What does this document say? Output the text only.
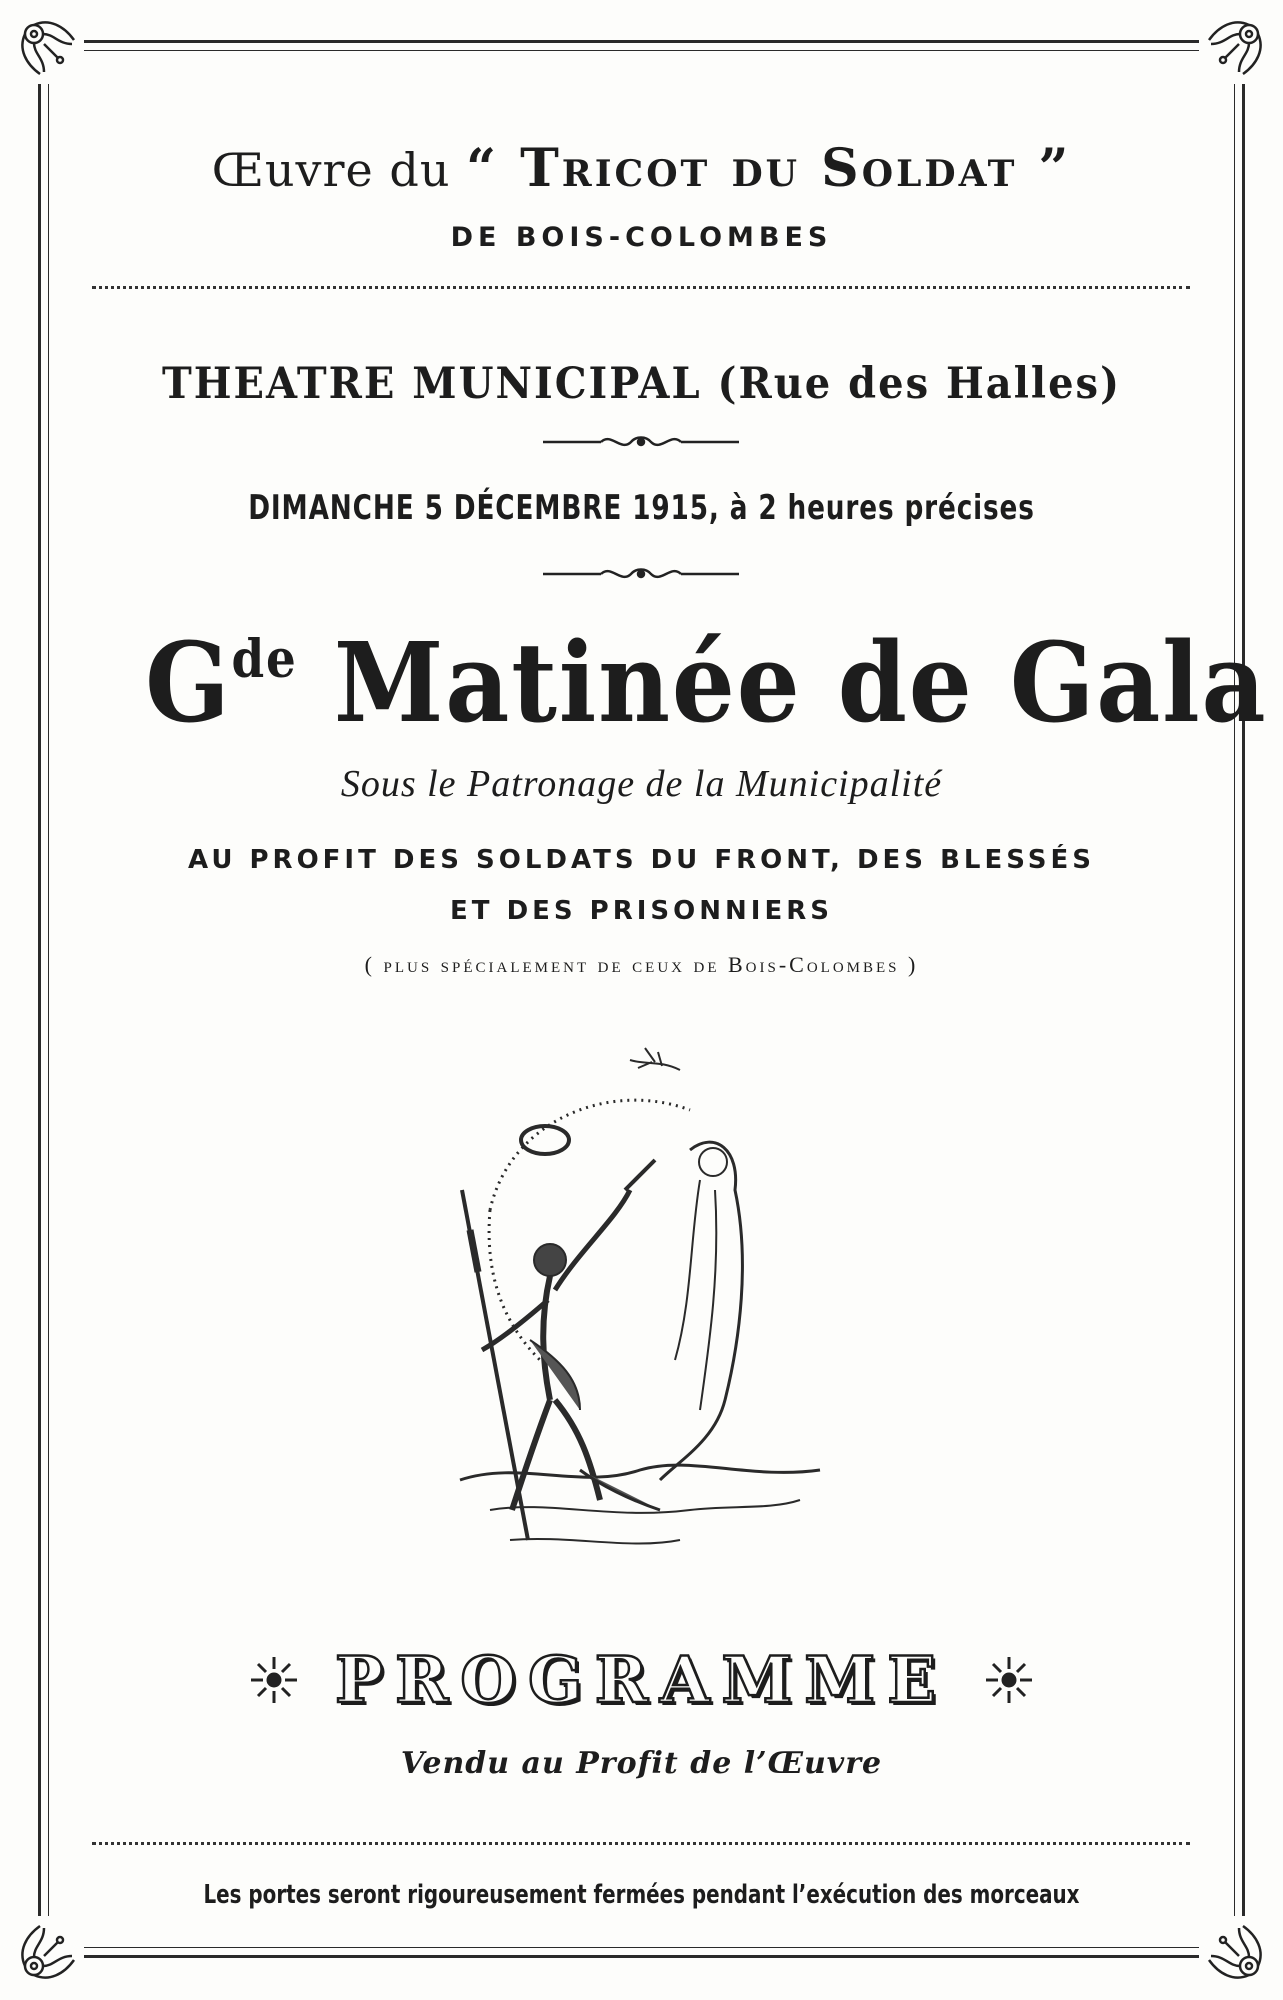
Œuvre du “ Tricot du Soldat ”
DE BOIS-COLOMBES
THEATRE MUNICIPAL (Rue des Halles)
DIMANCHE 5 DÉCEMBRE 1915, à 2 heures précises
$G^{de}$ Matinée de Gala
Sous le Patronage de la Municipalité
AU PROFIT DES SOLDATS DU FRONT, DES BLESSÉS
ET DES PRISONNIERS
( plus spécialement de ceux de Bois-Colombes )
PROGRAMME
Vendu au Profit de l’Œuvre
Les portes seront rigoureusement fermées pendant l’exécution des morceaux
